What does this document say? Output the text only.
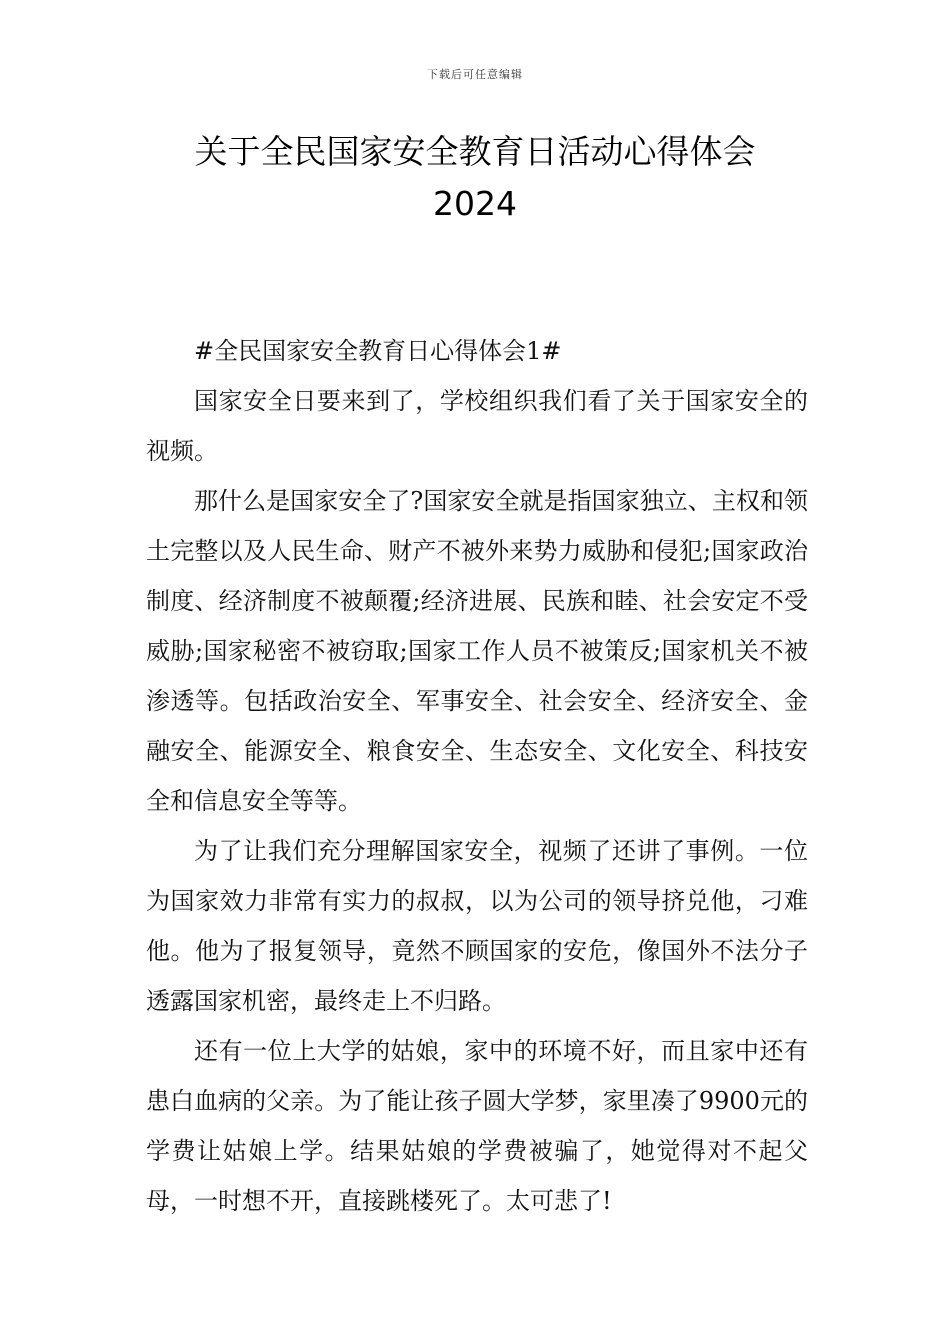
下载后可任意编辑
关于全民国家安全教育日活动心得体会
2024

#全民国家安全教育日心得体会1#

国家安全日要来到了，学校组织我们看了关于国家安全的视频。

那什么是国家安全了?国家安全就是指国家独立、主权和领土完整以及人民生命、财产不被外来势力威胁和侵犯;国家政治制度、经济制度不被颠覆;经济进展、民族和睦、社会安定不受威胁;国家秘密不被窃取;国家工作人员不被策反;国家机关不被渗透等。包括政治安全、军事安全、社会安全、经济安全、金融安全、能源安全、粮食安全、生态安全、文化安全、科技安全和信息安全等等。

为了让我们充分理解国家安全，视频了还讲了事例。一位为国家效力非常有实力的叔叔，以为公司的领导挤兑他，刁难他。他为了报复领导，竟然不顾国家的安危，像国外不法分子透露国家机密，最终走上不归路。

还有一位上大学的姑娘，家中的环境不好，而且家中还有患白血病的父亲。为了能让孩子圆大学梦，家里凑了9900元的学费让姑娘上学。结果姑娘的学费被骗了，她觉得对不起父母，一时想不开，直接跳楼死了。太可悲了!
